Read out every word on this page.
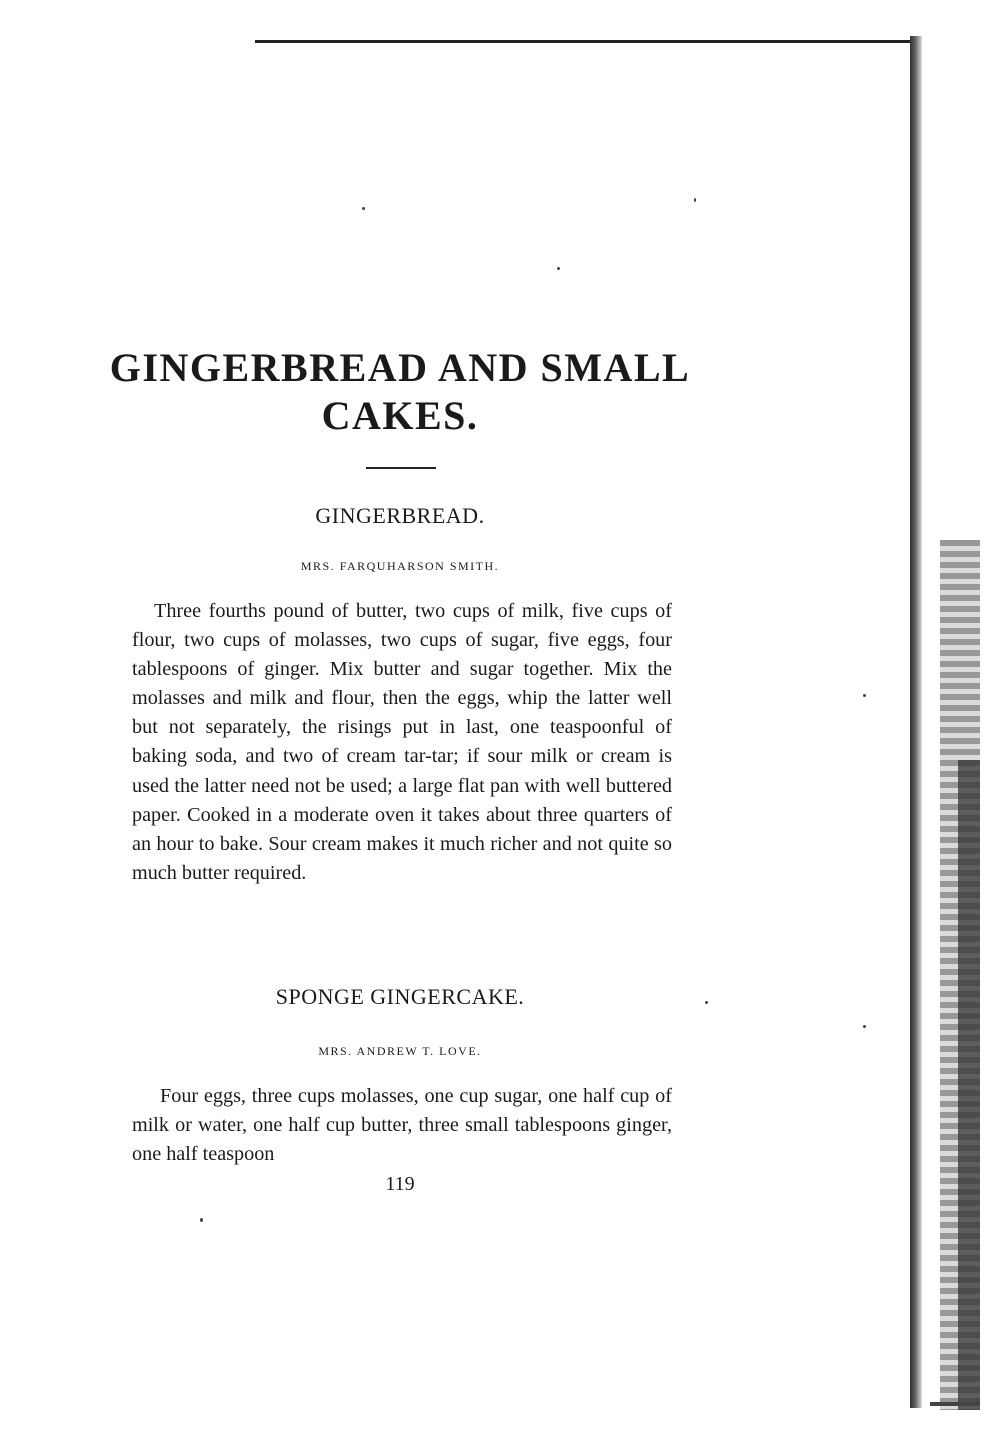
GINGERBREAD AND SMALL
CAKES.
GINGERBREAD.
MRS. FARQUHARSON SMITH.
Three fourths pound of butter, two cups of milk, five cups of flour, two cups of molasses, two cups of sugar, five eggs, four tablespoons of ginger. Mix butter and sugar together. Mix the molasses and milk and flour, then the eggs, whip the latter well but not separately, the risings put in last, one teaspoonful of baking soda, and two of cream tar-tar; if sour milk or cream is used the latter need not be used; a large flat pan with well buttered paper. Cooked in a moderate oven it takes about three quarters of an hour to bake. Sour cream makes it much richer and not quite so much butter required.
SPONGE GINGERCAKE.
MRS. ANDREW T. LOVE.
Four eggs, three cups molasses, one cup sugar, one half cup of milk or water, one half cup butter, three small tablespoons ginger, one half teaspoon
119
